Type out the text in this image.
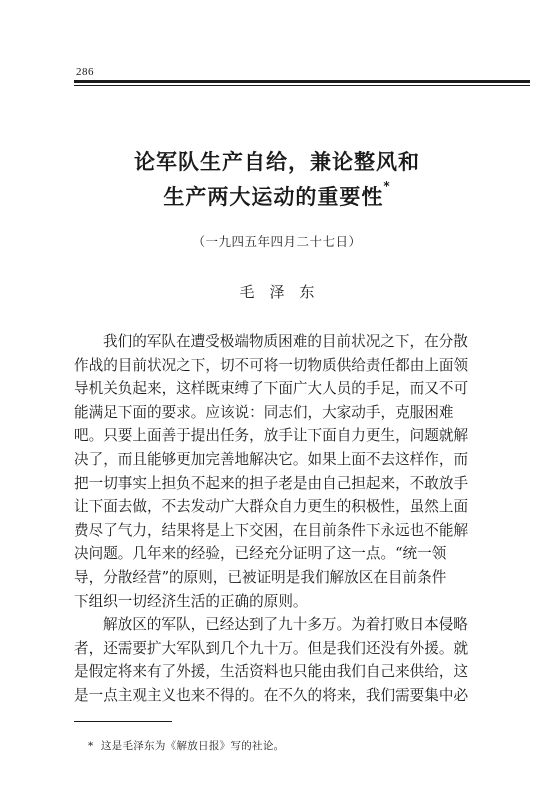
286
论军队生产自给，兼论整风和
生产两大运动的重要性*
（一九四五年四月二十七日）
毛泽东
我们的军队在遭受极端物质困难的目前状况之下，在分散
作战的目前状况之下，切不可将一切物质供给责任都由上面领
导机关负起来，这样既束缚了下面广大人员的手足，而又不可
能满足下面的要求。应该说：同志们，大家动手，克服困难
吧。只要上面善于提出任务，放手让下面自力更生，问题就解
决了，而且能够更加完善地解决它。如果上面不去这样作，而
把一切事实上担负不起来的担子老是由自己担起来，不敢放手
让下面去做，不去发动广大群众自力更生的积极性，虽然上面
费尽了气力，结果将是上下交困，在目前条件下永远也不能解
决问题。几年来的经验，已经充分证明了这一点。“统一领
导，分散经营”的原则，已被证明是我们解放区在目前条件
下组织一切经济生活的正确的原则。
解放区的军队，已经达到了九十多万。为着打败日本侵略
者，还需要扩大军队到几个九十万。但是我们还没有外援。就
是假定将来有了外援，生活资料也只能由我们自己来供给，这
是一点主观主义也来不得的。在不久的将来，我们需要集中必
* 这是毛泽东为《解放日报》写的社论。
